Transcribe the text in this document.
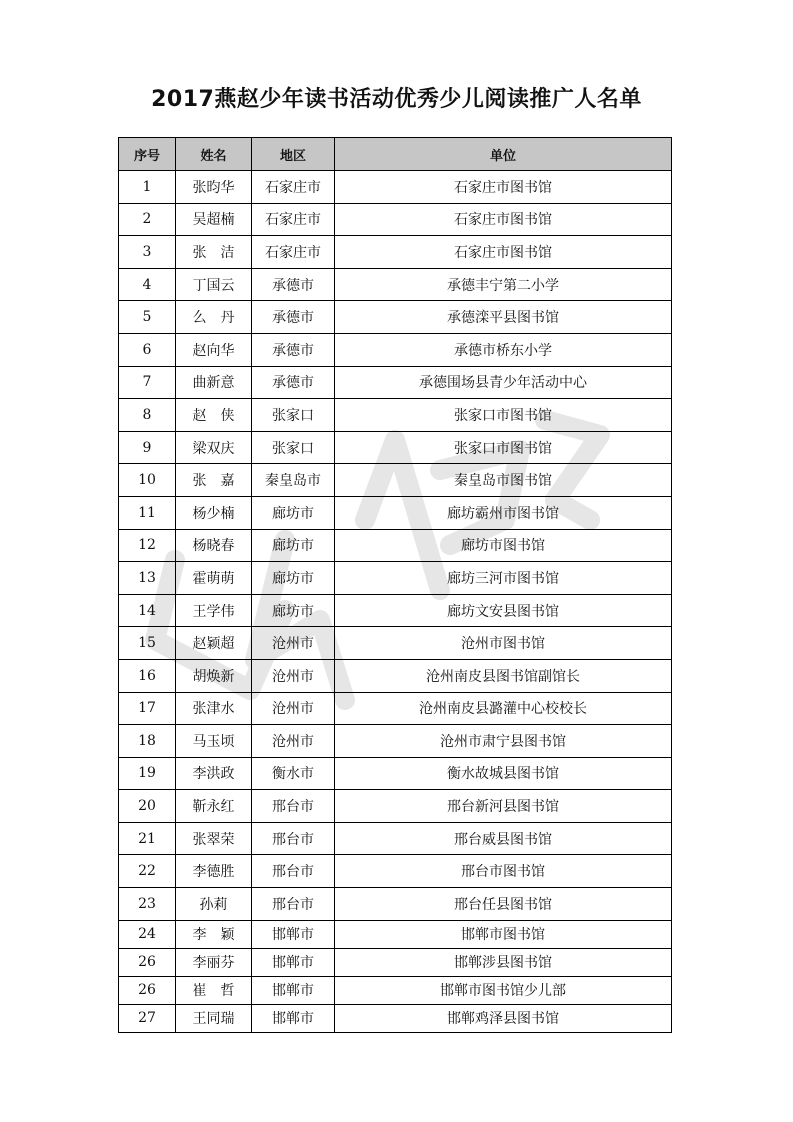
2017燕赵少年读书活动优秀少儿阅读推广人名单
序号	姓名	地区	单位
1	张昀华	石家庄市	石家庄市图书馆
2	吴超楠	石家庄市	石家庄市图书馆
3	张　洁	石家庄市	石家庄市图书馆
4	丁国云	承德市	承德丰宁第二小学
5	么　丹	承德市	承德滦平县图书馆
6	赵向华	承德市	承德市桥东小学
7	曲新意	承德市	承德围场县青少年活动中心
8	赵　侠	张家口	张家口市图书馆
9	梁双庆	张家口	张家口市图书馆
10	张　嘉	秦皇岛市	秦皇岛市图书馆
11	杨少楠	廊坊市	廊坊霸州市图书馆
12	杨晓春	廊坊市	廊坊市图书馆
13	霍萌萌	廊坊市	廊坊三河市图书馆
14	王学伟	廊坊市	廊坊文安县图书馆
15	赵颖超	沧州市	沧州市图书馆
16	胡焕新	沧州市	沧州南皮县图书馆副馆长
17	张津水	沧州市	沧州南皮县潞灌中心校校长
18	马玉顷	沧州市	沧州市肃宁县图书馆
19	李洪政	衡水市	衡水故城县图书馆
20	靳永红	邢台市	邢台新河县图书馆
21	张翠荣	邢台市	邢台威县图书馆
22	李德胜	邢台市	邢台市图书馆
23	孙莉	邢台市	邢台任县图书馆
24	李　颖	邯郸市	邯郸市图书馆
26	李丽芬	邯郸市	邯郸涉县图书馆
26	崔　哲	邯郸市	邯郸市图书馆少儿部
27	王同瑞	邯郸市	邯郸鸡泽县图书馆
